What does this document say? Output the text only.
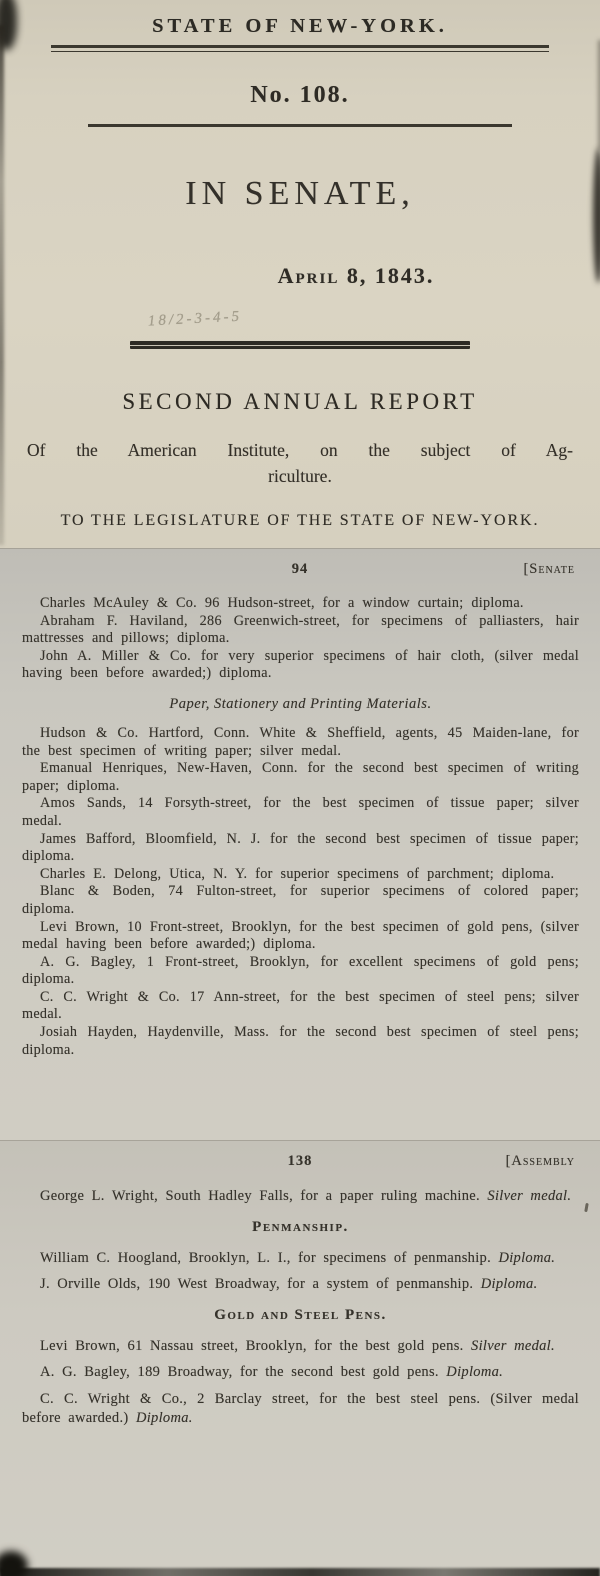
STATE OF NEW-YORK.
No. 108.
IN SENATE,
April 8, 1843.
18/2-3-4-5
SECOND ANNUAL REPORT
Of the American Institute, on the subject of Ag-
riculture.
TO THE LEGISLATURE OF THE STATE OF NEW-YORK.
94	[Senate

Charles McAuley & Co. 96 Hudson-street, for a window curtain; diploma.

Abraham F. Haviland, 286 Greenwich-street, for specimens of palliasters, hair mattresses and pillows; diploma.

John A. Miller & Co. for very superior specimens of hair cloth, (silver medal having been before awarded;) diploma.

Paper, Stationery and Printing Materials.

Hudson & Co. Hartford, Conn. White & Sheffield, agents, 45 Maiden-lane, for the best specimen of writing paper; silver medal.

Emanual Henriques, New-Haven, Conn. for the second best specimen of writing paper; diploma.

Amos Sands, 14 Forsyth-street, for the best specimen of tissue paper; silver medal.

James Bafford, Bloomfield, N. J. for the second best specimen of tissue paper; diploma.

Charles E. Delong, Utica, N. Y. for superior specimens of parchment; diploma.

Blanc & Boden, 74 Fulton-street, for superior specimens of colored paper; diploma.

Levi Brown, 10 Front-street, Brooklyn, for the best specimen of gold pens, (silver medal having been before awarded;) diploma.

A. G. Bagley, 1 Front-street, Brooklyn, for excellent specimens of gold pens; diploma.

C. C. Wright & Co. 17 Ann-street, for the best specimen of steel pens; silver medal.

Josiah Hayden, Haydenville, Mass. for the second best specimen of steel pens; diploma.

138	[Assembly

George L. Wright, South Hadley Falls, for a paper ruling machine. Silver medal.

Penmanship.

William C. Hoogland, Brooklyn, L. I., for specimens of penmanship. Diploma.

J. Orville Olds, 190 West Broadway, for a system of penmanship. Diploma.

Gold and Steel Pens.

Levi Brown, 61 Nassau street, Brooklyn, for the best gold pens. Silver medal.

A. G. Bagley, 189 Broadway, for the second best gold pens. Diploma.

C. C. Wright & Co., 2 Barclay street, for the best steel pens. (Silver medal before awarded.) Diploma.
